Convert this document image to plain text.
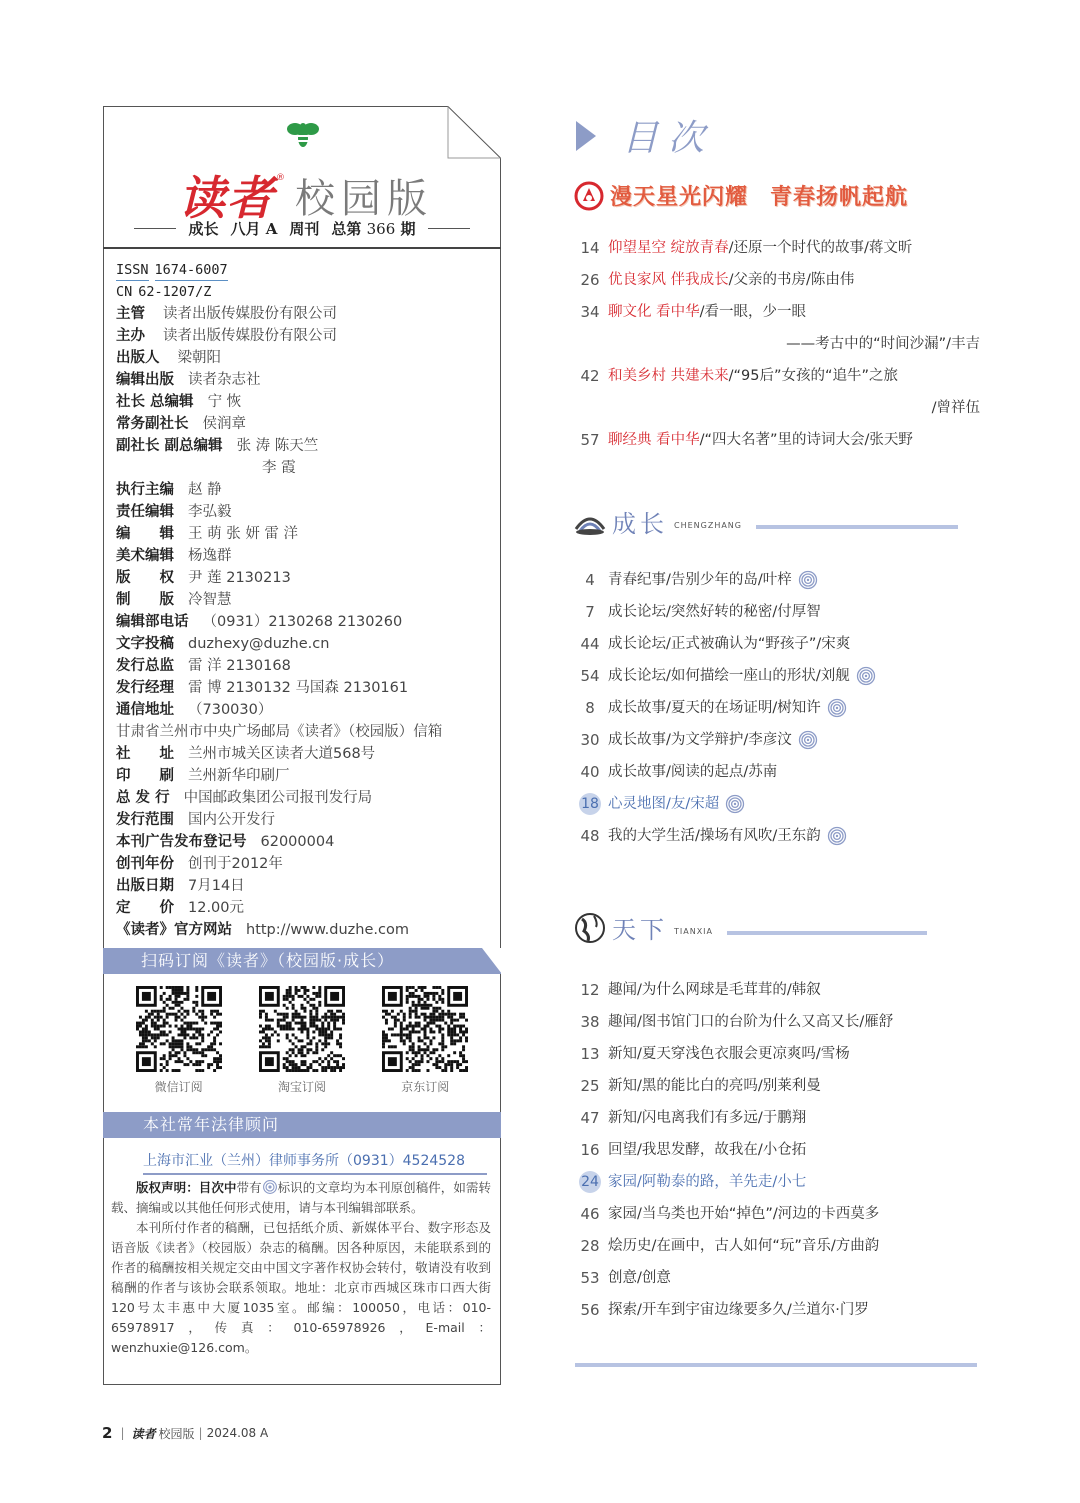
读者 ® 校园版
成长 八月 A 周刊 总第 366 期
ISSN 1674-6007
CN 62-1207/Z
主管 读者出版传媒股份有限公司
主办 读者出版传媒股份有限公司
出版人 梁朝阳
编辑出版 读者杂志社
社长 总编辑 宁 恢
常务副社长 侯润章
副社长 副总编辑 张 涛 陈天竺
李 霞
执行主编 赵 静
责任编辑 李弘毅
编　　辑 王 萌 张 妍 雷 洋
美术编辑 杨逸群
版　　权 尹 莲 2130213
制　　版 冷智慧
编辑部电话 （0931）2130268 2130260
文字投稿 duzhexy@duzhe.cn
发行总监 雷 洋 2130168
发行经理 雷 博 2130132 马国森 2130161
通信地址 （730030）
甘肃省兰州市中央广场邮局《读者》（校园版）信箱
社　　址 兰州市城关区读者大道568号
印　　刷 兰州新华印刷厂
总 发 行 中国邮政集团公司报刊发行局
发行范围 国内公开发行
本刊广告发布登记号 62000004
创刊年份 创刊于2012年
出版日期 7月14日
定　　价 12.00元
《读者》官方网站 http://www.duzhe.com
扫码订阅《读者》（校园版·成长）
微信订阅	淘宝订阅	京东订阅
本社常年法律顾问
上海市汇业（兰州）律师事务所（0931）4524528

版权声明：目次中带有 标识的文章均为本刊原创稿件，如需转载、摘编或以其他任何形式使用，请与本刊编辑部联系。

本刊所付作者的稿酬，已包括纸介质、新媒体平台、数字形态及语音版《读者》（校园版）杂志的稿酬。因各种原因，未能联系到的作者的稿酬按相关规定交由中国文字著作权协会转付，敬请没有收到稿酬的作者与该协会联系领取。地址：北京市西城区珠市口西大街120号太丰惠中大厦1035室。邮编：100050，电话：010-65978917，传真：010-65978926，E-mail：wenzhuxie@126.com。

目次
漫天星光闪耀 青春扬帆起航
14 仰望星空 绽放青春 /还原一个时代的故事/蒋文昕
26 优良家风 伴我成长 /父亲的书房/陈由伟
34 聊文化 看中华 /看一眼，少一眼
——考古中的“时间沙漏”/丰吉
42 和美乡村 共建未来 /“95后”女孩的“追牛”之旅
/曾祥伍
57 聊经典 看中华 /“四大名著”里的诗词大会/张天野
成长 CHENGZHANG
4 青春纪事/告别少年的岛/叶梓
7 成长论坛/突然好转的秘密/付厚智
44 成长论坛/正式被确认为“野孩子”/宋爽
54 成长论坛/如何描绘一座山的形状/刘舰
8 成长故事/夏天的在场证明/树知许
30 成长故事/为文学辩护/李彦汶
40 成长故事/阅读的起点/苏南
18 心灵地图/友/宋超
48 我的大学生活/操场有风吹/王东韵
天下 TIANXIA
12 趣闻/为什么网球是毛茸茸的/韩叙
38 趣闻/图书馆门口的台阶为什么又高又长/雁舒
13 新知/夏天穿浅色衣服会更凉爽吗/雪杨
25 新知/黑的能比白的亮吗/别莱利曼
47 新知/闪电离我们有多远/于鹏翔
16 回望/我思发酵，故我在/小仓拓
24 家园/阿勒泰的路，羊先走/小七
46 家园/当乌类也开始“掉色”/河边的卡西莫多
28 烩历史/在画中，古人如何“玩”音乐/方曲韵
53 创意/创意
56 探索/开车到宇宙边缘要多久/兰道尔·门罗
2 | 读者 校园版 | 2024.08 A
